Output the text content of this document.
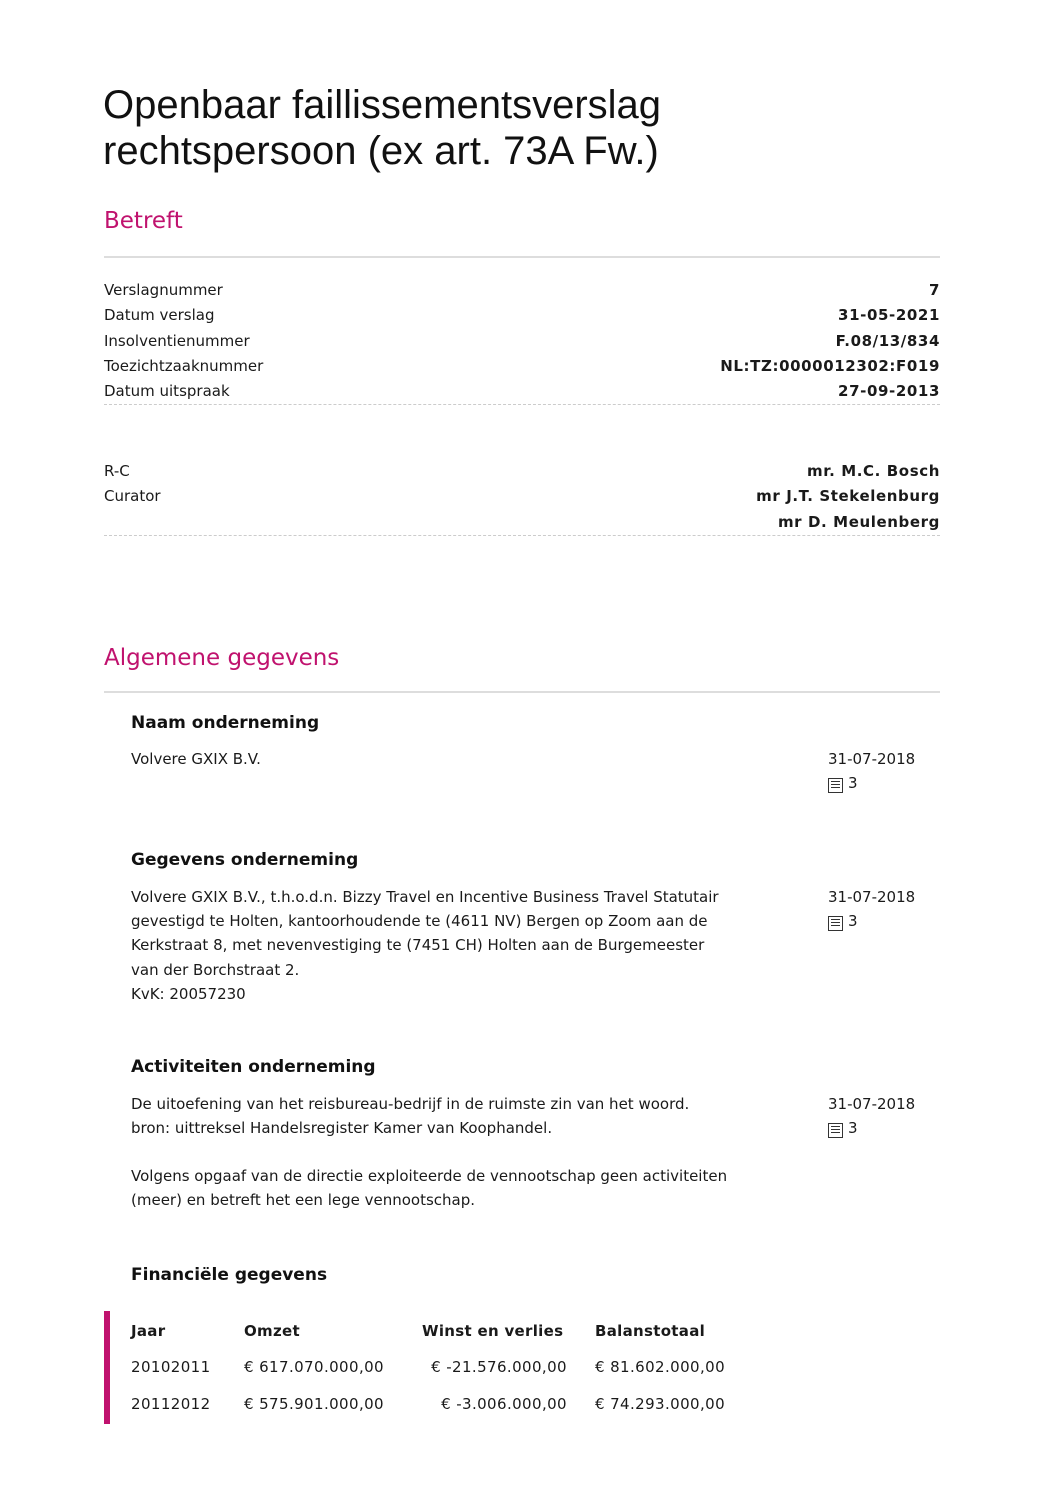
Openbaar faillissementsverslag
rechtspersoon (ex art. 73A Fw.)
Betreft
Verslagnummer	7
Datum verslag	31-05-2021
Insolventienummer	F.08/13/834
Toezichtzaaknummer	NL:TZ:0000012302:F019
Datum uitspraak	27-09-2013
R-C	mr. M.C. Bosch
Curator	mr J.T. Stekelenburg
mr D. Meulenberg
Algemene gegevens
Naam onderneming

Volvere GXIX B.V.	31-07-2018
3
Gegevens onderneming

Volvere GXIX B.V., t.h.o.d.n. Bizzy Travel en Incentive Business Travel Statutair
gevestigd te Holten, kantoorhoudende te (4611 NV) Bergen op Zoom aan de
Kerkstraat 8, met nevenvestiging te (7451 CH) Holten aan de Burgemeester
van der Borchstraat 2.
KvK: 20057230

31-07-2018
3
Activiteiten onderneming

De uitoefening van het reisbureau-bedrijf in de ruimste zin van het woord.
bron: uittreksel Handelsregister Kamer van Koophandel.

Volgens opgaaf van de directie exploiteerde de vennootschap geen activiteiten
(meer) en betreft het een lege vennootschap.

31-07-2018
3
Financiële gegevens
Jaar	Omzet	Winst en verlies	Balanstotaal
20102011	€ 617.070.000,00	€ -21.576.000,00	€ 81.602.000,00
20112012	€ 575.901.000,00	€ -3.006.000,00	€ 74.293.000,00
